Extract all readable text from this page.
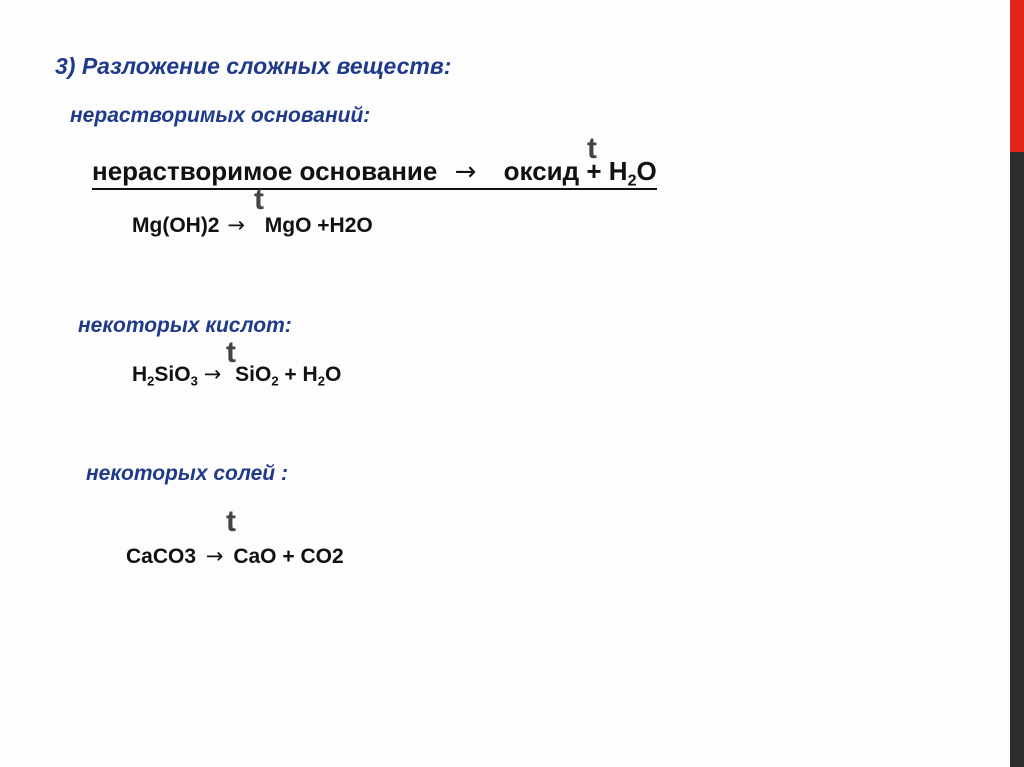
3) Разложение сложных веществ:
нерастворимых оснований:
t
нерастворимое основание → оксид + $Н_2О$
t
Mg(OH)2 → MgO +H2O
некоторых кислот:
t
$H_2SiO_3 \to SiO_2 + H_2O$
некоторых солей :
t
CaCO3 → CaO + CO2
